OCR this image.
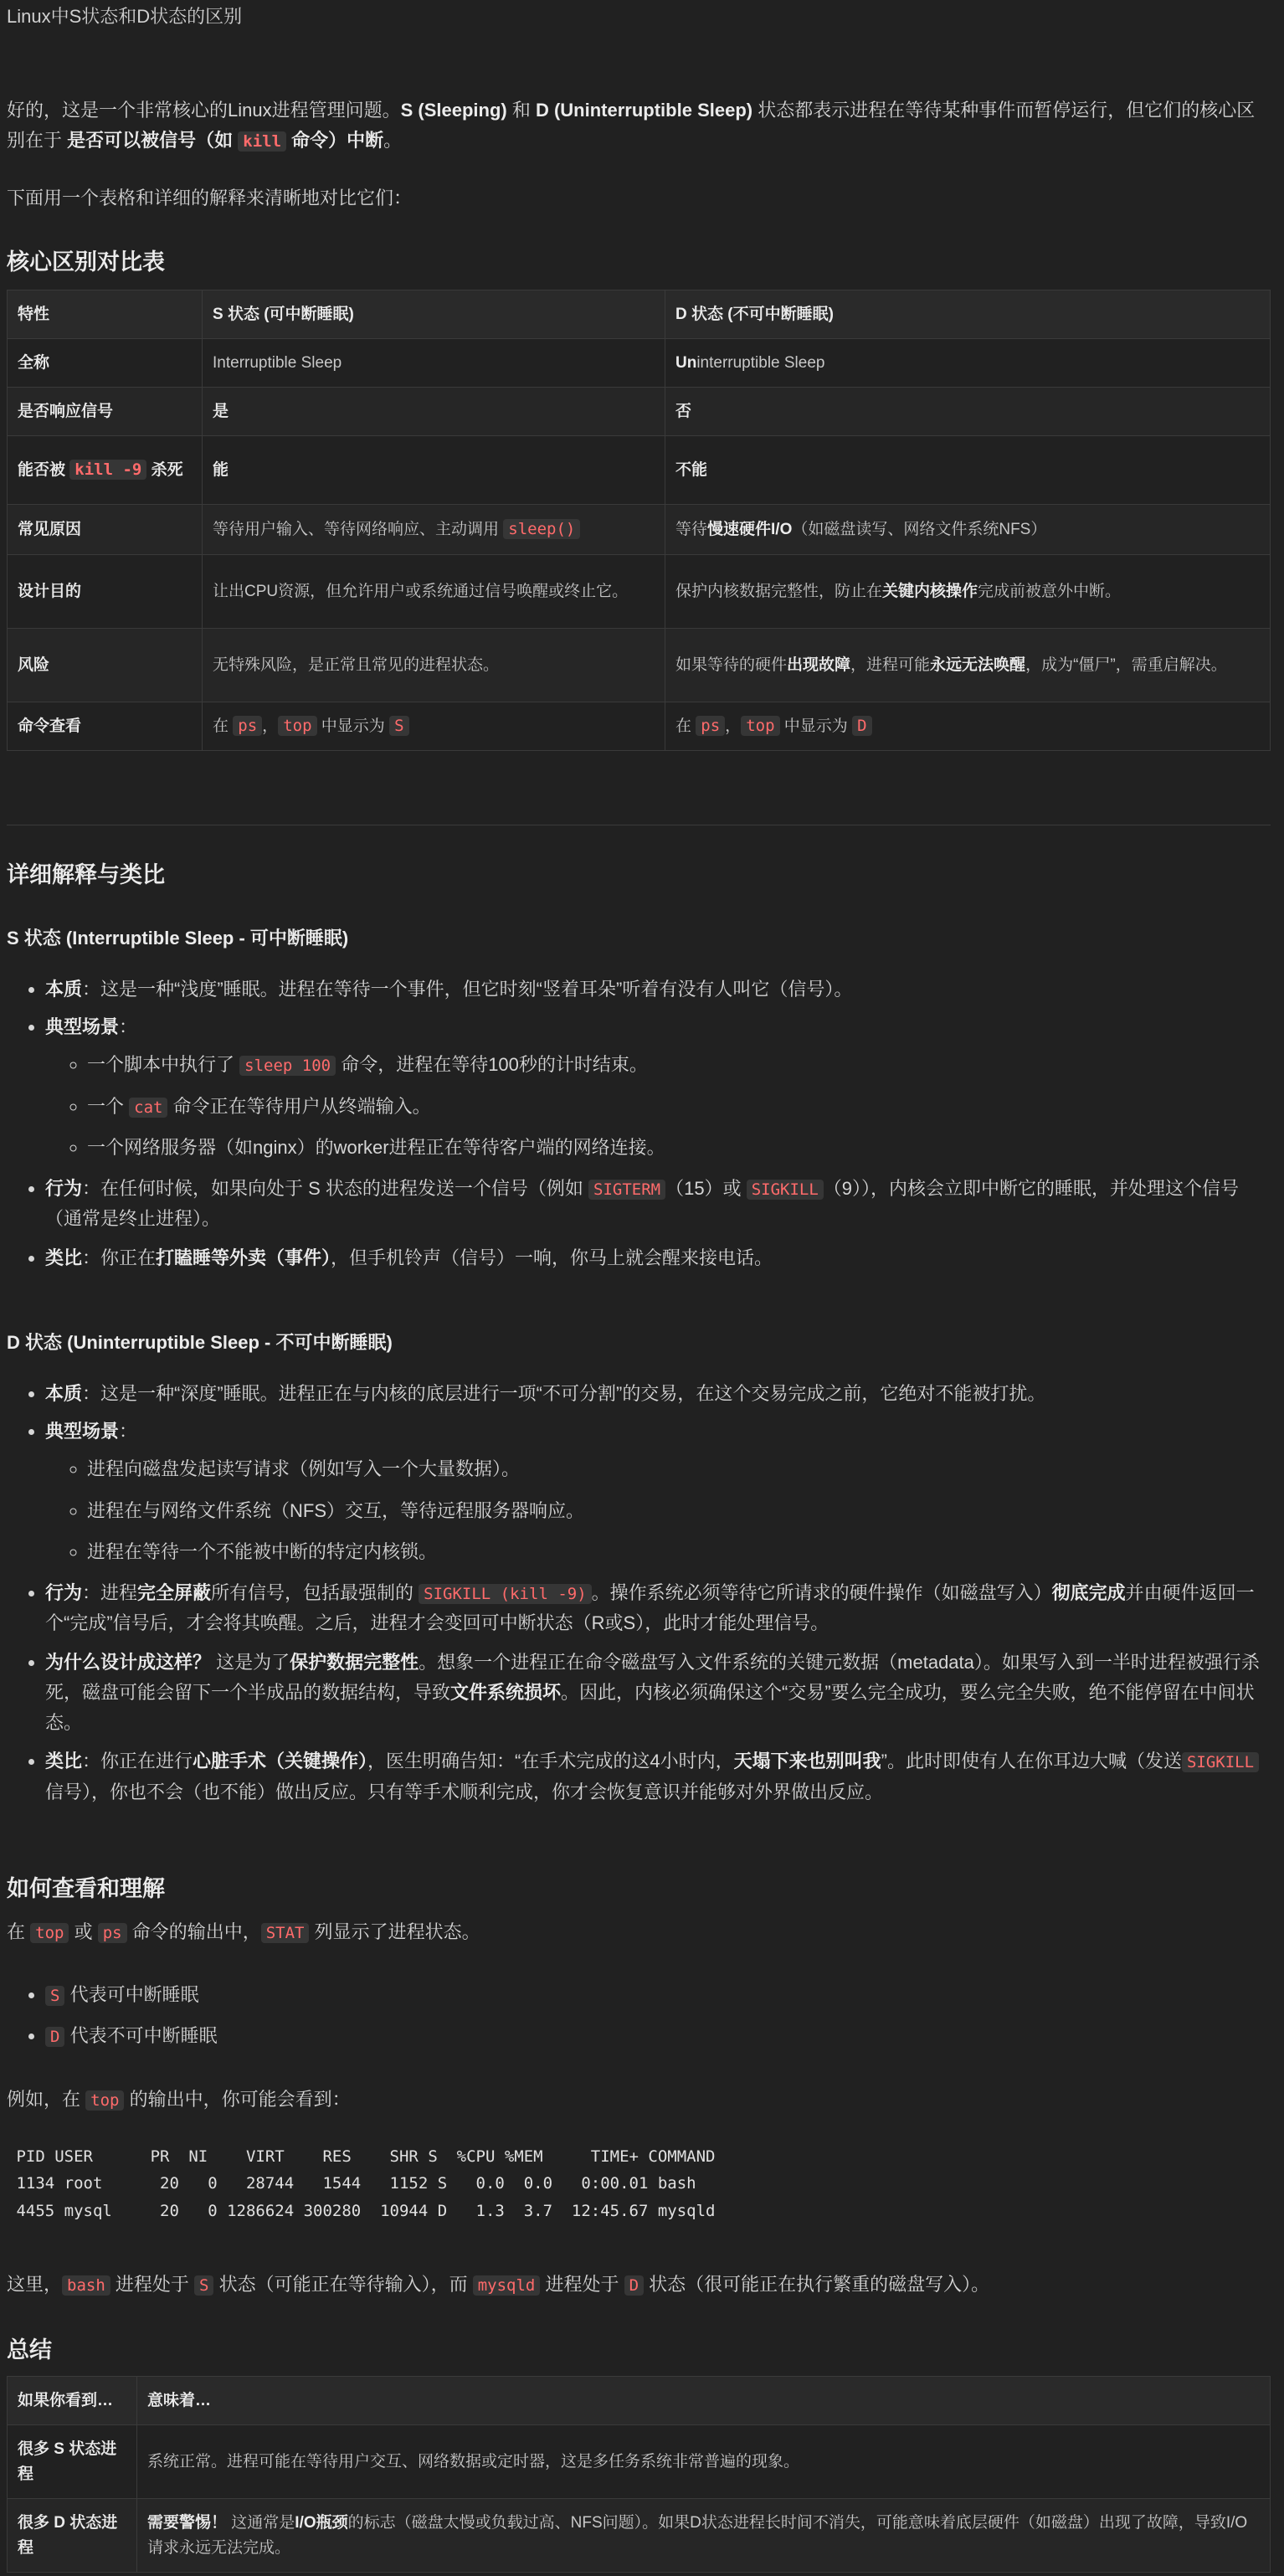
Linux中S状态和D状态的区别

好的，这是一个非常核心的Linux进程管理问题。S (Sleeping) 和 D (Uninterruptible Sleep) 状态都表示进程在等待某种事件而暂停运行，但它们的核心区别在于 是否可以被信号（如 kill 命令）中断。

下面用一个表格和详细的解释来清晰地对比它们：
核心区别对比表
特性	S 状态 (可中断睡眠)	D 状态 (不可中断睡眠)
全称	Interruptible Sleep	Uninterruptible Sleep
是否响应信号	是	否
能否被 kill -9 杀死	能	不能
常见原因	等待用户输入、等待网络响应、主动调用 sleep()	等待慢速硬件I/O（如磁盘读写、网络文件系统NFS）
设计目的	让出CPU资源，但允许用户或系统通过信号唤醒或终止它。	保护内核数据完整性，防止在关键内核操作完成前被意外中断。
风险	无特殊风险，是正常且常见的进程状态。	如果等待的硬件出现故障，进程可能永远无法唤醒，成为“僵尸”，需重启解决。
命令查看	在 ps ， top 中显示为 S	在 ps ， top 中显示为 D
详细解释与类比
S 状态 (Interruptible Sleep - 可中断睡眠)
• 本质：这是一种“浅度”睡眠。进程在等待一个事件，但它时刻“竖着耳朵”听着有没有人叫它（信号）。
• 典型场景：
◦ 一个脚本中执行了 sleep 100 命令，进程在等待100秒的计时结束。
◦ 一个 cat 命令正在等待用户从终端输入。
◦ 一个网络服务器（如nginx）的worker进程正在等待客户端的网络连接。
• 行为：在任何时候，如果向处于 S 状态的进程发送一个信号（例如 SIGTERM （15）或 SIGKILL （9）），内核会立即中断它的睡眠，并处理这个信号（通常是终止进程）。
• 类比：你正在打瞌睡等外卖（事件），但手机铃声（信号）一响，你马上就会醒来接电话。
D 状态 (Uninterruptible Sleep - 不可中断睡眠)
• 本质：这是一种“深度”睡眠。进程正在与内核的底层进行一项“不可分割”的交易，在这个交易完成之前，它绝对不能被打扰。
• 典型场景：
◦ 进程向磁盘发起读写请求（例如写入一个大量数据）。
◦ 进程在与网络文件系统（NFS）交互，等待远程服务器响应。
◦ 进程在等待一个不能被中断的特定内核锁。
• 行为：进程完全屏蔽所有信号，包括最强制的 SIGKILL (kill -9) 。操作系统必须等待它所请求的硬件操作（如磁盘写入）彻底完成并由硬件返回一个“完成”信号后，才会将其唤醒。之后，进程才会变回可中断状态（R或S），此时才能处理信号。
• 为什么设计成这样？ 这是为了保护数据完整性。想象一个进程正在命令磁盘写入文件系统的关键元数据（metadata）。如果写入到一半时进程被强行杀死，磁盘可能会留下一个半成品的数据结构，导致文件系统损坏。因此，内核必须确保这个“交易”要么完全成功，要么完全失败，绝不能停留在中间状态。
• 类比：你正在进行心脏手术（关键操作），医生明确告知：“在手术完成的这4小时内，天塌下来也别叫我”。此时即使有人在你耳边大喊（发送 SIGKILL信号），你也不会（也不能）做出反应。只有等手术顺利完成，你才会恢复意识并能够对外界做出反应。
如何查看和理解
在 top 或 ps 命令的输出中， STAT 列显示了进程状态。
• S 代表可中断睡眠
• D 代表不可中断睡眠
例如，在 top 的输出中，你可能会看到：
PID USER      PR  NI    VIRT    RES    SHR S  %CPU %MEM     TIME+ COMMAND
1134 root      20   0   28744   1544   1152 S   0.0  0.0   0:00.01 bash
4455 mysql     20   0 1286624 300280  10944 D   1.3  3.7  12:45.67 mysqld
这里， bash 进程处于 S 状态（可能正在等待输入），而 mysqld 进程处于 D 状态（很可能正在执行繁重的磁盘写入）。
总结
如果你看到…	意味着…
很多 S 状态进程	系统正常。进程可能在等待用户交互、网络数据或定时器，这是多任务系统非常普遍的现象。
很多 D 状态进程	需要警惕！ 这通常是I/O瓶颈的标志（磁盘太慢或负载过高、NFS问题）。如果D状态进程长时间不消失，可能意味着底层硬件（如磁盘）出现了故障，导致I/O请求永远无法完成。
